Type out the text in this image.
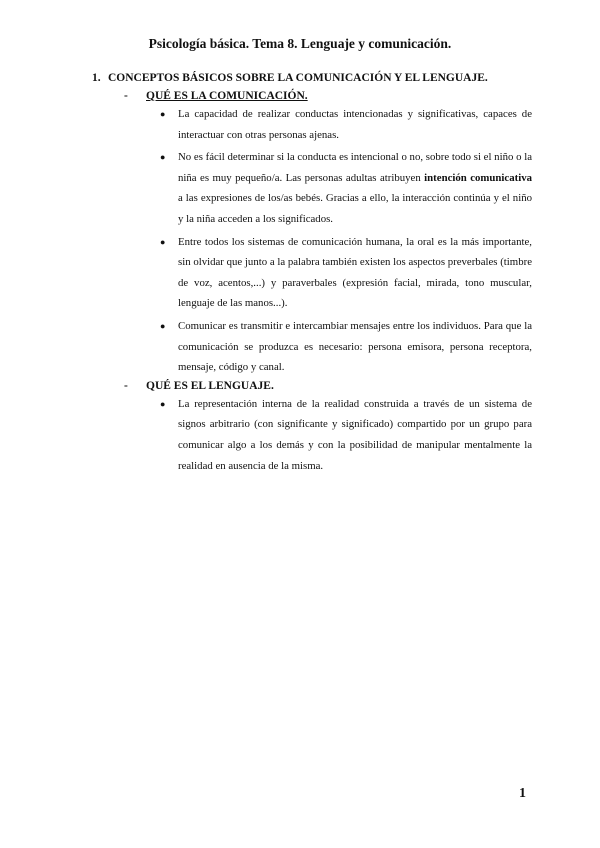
Psicología básica. Tema 8. Lenguaje y comunicación.

1. CONCEPTOS BÁSICOS SOBRE LA COMUNICACIÓN Y EL LENGUAJE.

- QUÉ ES LA COMUNICACIÓN.

● La capacidad de realizar conductas intencionadas y significativas, capaces de interactuar con otras personas ajenas.
● No es fácil determinar si la conducta es intencional o no, sobre todo si el niño o la niña es muy pequeño/a. Las personas adultas atribuyen intención comunicativa a las expresiones de los/as bebés. Gracias a ello, la interacción continúa y el niño y la niña acceden a los significados.
● Entre todos los sistemas de comunicación humana, la oral es la más importante, sin olvidar que junto a la palabra también existen los aspectos preverbales (timbre de voz, acentos,...) y paraverbales (expresión facial, mirada, tono muscular, lenguaje de las manos...).
● Comunicar es transmitir e intercambiar mensajes entre los individuos. Para que la comunicación se produzca es necesario: persona emisora, persona receptora, mensaje, código y canal.

- QUÉ ES EL LENGUAJE.

● La representación interna de la realidad construida a través de un sistema de signos arbitrario (con significante y significado) compartido por un grupo para comunicar algo a los demás y con la posibilidad de manipular mentalmente la realidad en ausencia de la misma.
1
